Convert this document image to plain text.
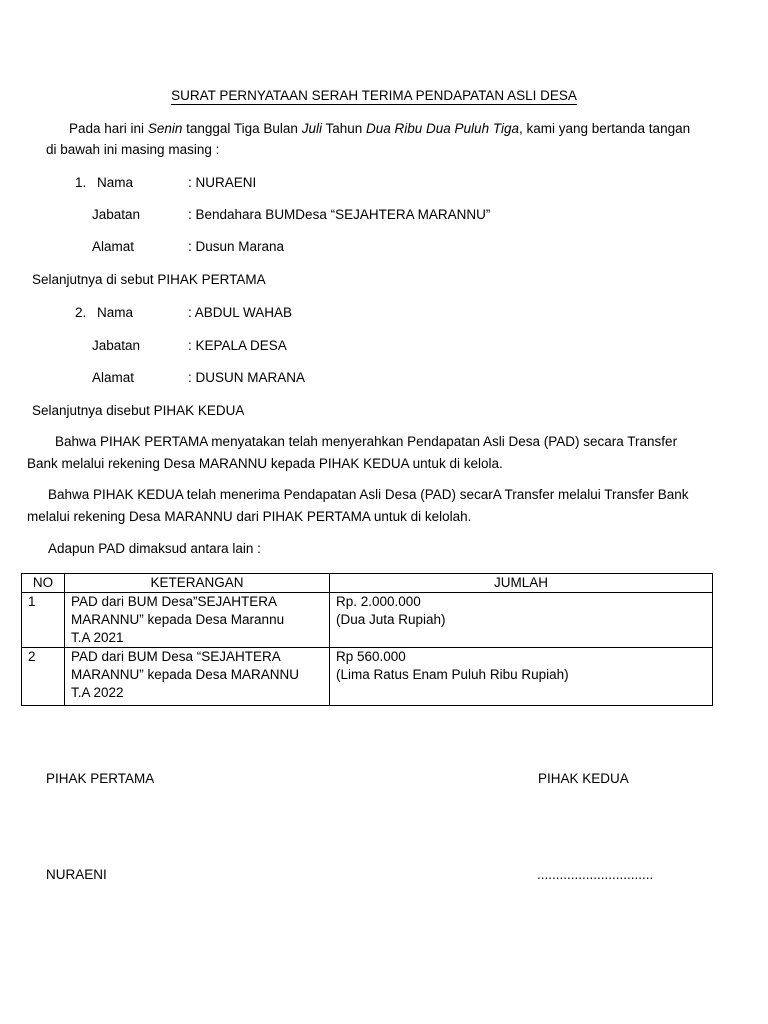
SURAT PERNYATAAN SERAH TERIMA PENDAPATAN ASLI DESA
Pada hari ini Senin tanggal Tiga Bulan Juli Tahun Dua Ribu Dua Puluh Tiga, kami yang bertanda tangan
di bawah ini masing masing :
1. Nama	: NURAENI
Jabatan	: Bendahara BUMDesa “SEJAHTERA MARANNU”
Alamat	: Dusun Marana
Selanjutnya di sebut PIHAK PERTAMA
2. Nama	: ABDUL WAHAB
Jabatan	: KEPALA DESA
Alamat	: DUSUN MARANA
Selanjutnya disebut PIHAK KEDUA
Bahwa PIHAK PERTAMA menyatakan telah menyerahkan Pendapatan Asli Desa (PAD) secara Transfer
Bank melalui rekening Desa MARANNU kepada PIHAK KEDUA untuk di kelola.
Bahwa PIHAK KEDUA telah menerima Pendapatan Asli Desa (PAD) secarA Transfer melalui Transfer Bank
melalui rekening Desa MARANNU dari PIHAK PERTAMA untuk di kelolah.
Adapun PAD dimaksud antara lain :
NO	KETERANGAN	JUMLAH
1	PAD dari BUM Desa”SEJAHTERA
MARANNU” kepada Desa Marannu
T.A 2021	Rp. 2.000.000
(Dua Juta Rupiah)

2	PAD dari BUM Desa “SEJAHTERA
MARANNU” kepada Desa MARANNU
T.A 2022	Rp 560.000
(Lima Ratus Enam Puluh Ribu Rupiah)
PIHAK PERTAMA	PIHAK KEDUA
NURAENI	...............................
